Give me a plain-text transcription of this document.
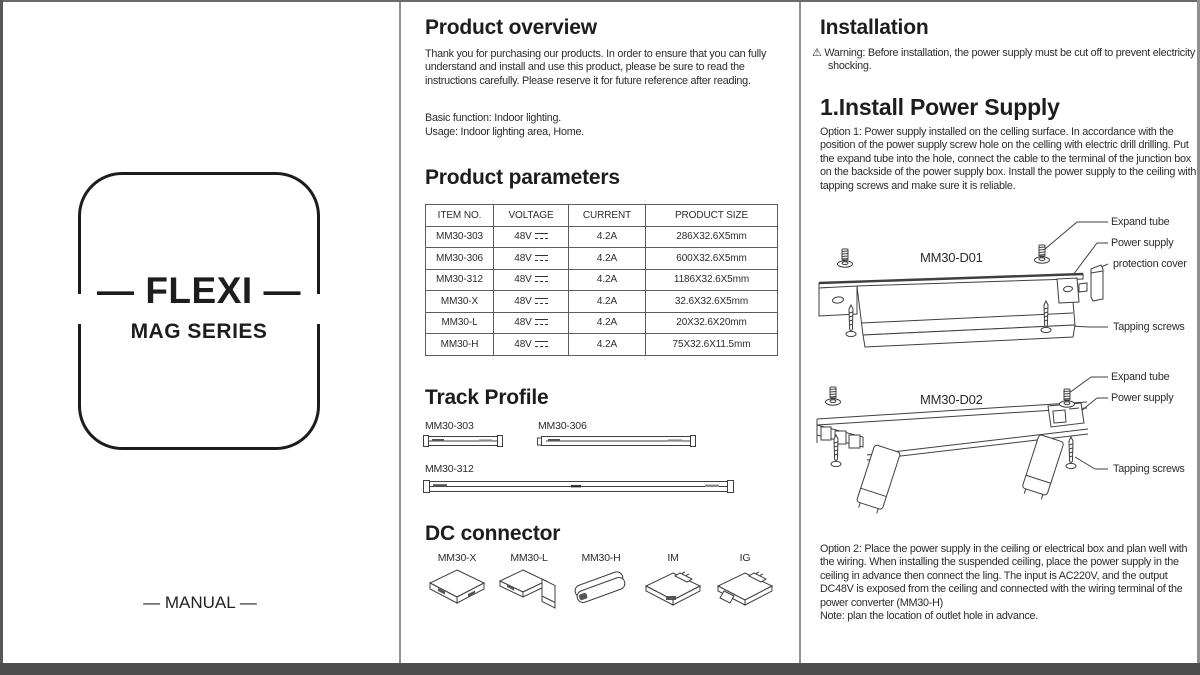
— FLEXI —
MAG SERIES
— MANUAL —
Product overview
Thank you for purchasing our products. In order to ensure that you can fully understand and install and use this product, please be sure to read the instructions carefully. Please reserve it for future reference after reading.
Basic function: Indoor lighting.
Usage: Indoor lighting area, Home.
Product parameters
ITEM NO.	VOLTAGE	CURRENT	PRODUCT SIZE
MM30-303	48V	4.2A	286X32.6X5mm
MM30-306	48V	4.2A	600X32.6X5mm
MM30-312	48V	4.2A	1186X32.6X5mm
MM30-X	48V	4.2A	32.6X32.6X5mm
MM30-L	48V	4.2A	20X32.6X20mm
MM30-H	48V	4.2A	75X32.6X11.5mm
Track Profile
MM30-303	MM30-306
MM30-312
DC connector
MM30-X	MM30-L	MM30-H	IM	IG
Installation
⚠ Warning: Before installation, the power supply must be cut off to prevent electricity shocking.
1.Install Power Supply
Option 1: Power supply installed on the celling surface. In accordance with the position of the power supply screw hole on the celling with electric drill drilling. Put the expand tube into the hole, connect the cable to the terminal of the junction box on the backside of the power supply box. Install the power supply to the ceiling with tapping screws and make sure it is reliable.
MM30-D01
Expand tube
Power supply
protection cover
Tapping screws
MM30-D02
Expand tube
Power supply
Tapping screws
Option 2: Place the power supply in the ceiling or electrical box and plan well with the wiring. When installing the suspended ceiling, place the power supply in the ceiling in advance then connect the ling. The input is AC220V, and the output DC48V is exposed from the ceiling and connected with the wiring terminal of the power converter (MM30-H)
Note: plan the location of outlet hole in advance.
